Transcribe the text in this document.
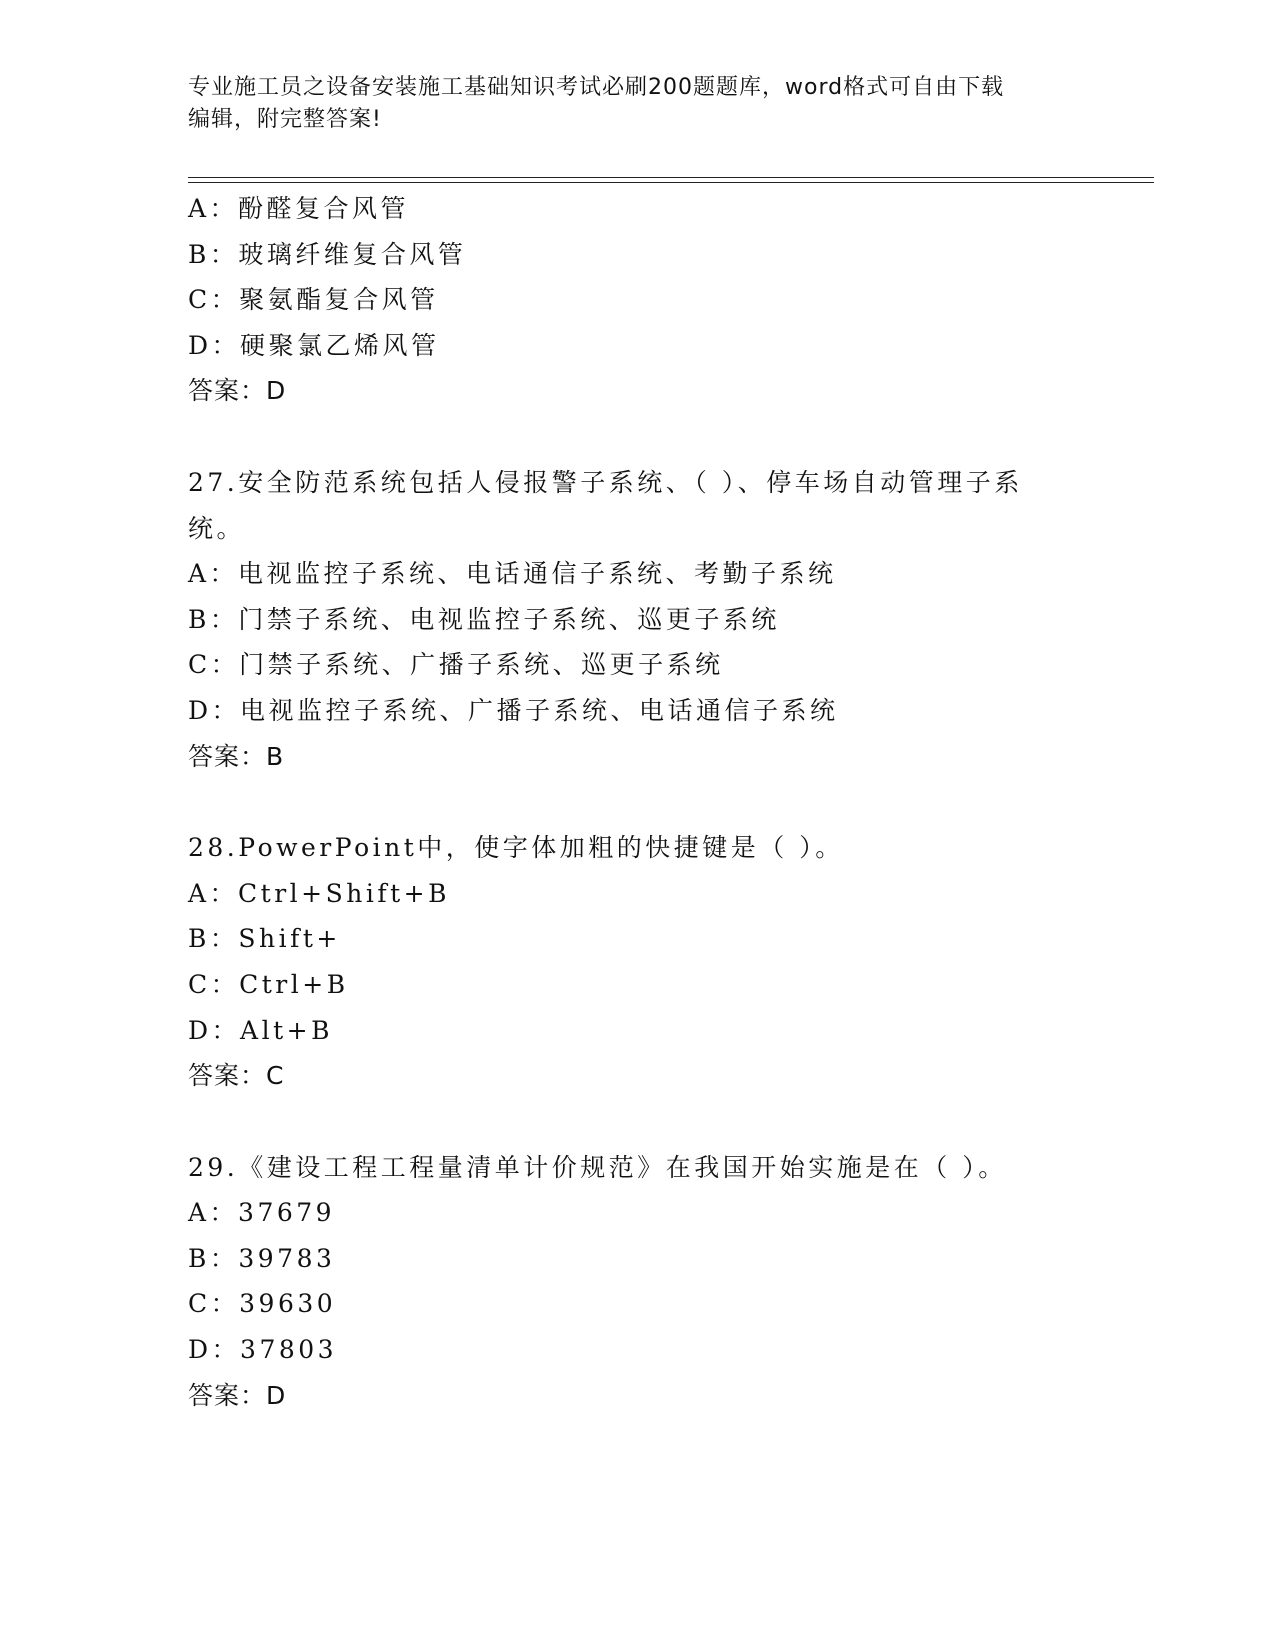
专业施工员之设备安装施工基础知识考试必刷200题题库，word格式可自由下载
编辑，附完整答案!
A：酚醛复合风管
B：玻璃纤维复合风管
C：聚氨酯复合风管
D：硬聚氯乙烯风管
答案：D
27.安全防范系统包括人侵报警子系统、（ ）、停车场自动管理子系统。
A：电视监控子系统、电话通信子系统、考勤子系统
B：门禁子系统、电视监控子系统、巡更子系统
C：门禁子系统、广播子系统、巡更子系统
D：电视监控子系统、广播子系统、电话通信子系统
答案：B
28.PowerPoint中，使字体加粗的快捷键是（ ）。
A：Ctrl+Shift+B
B：Shift+
C：Ctrl+B
D：Alt+B
答案：C
29.《建设工程工程量清单计价规范》在我国开始实施是在（ ）。
A：37679
B：39783
C：39630
D：37803
答案：D
